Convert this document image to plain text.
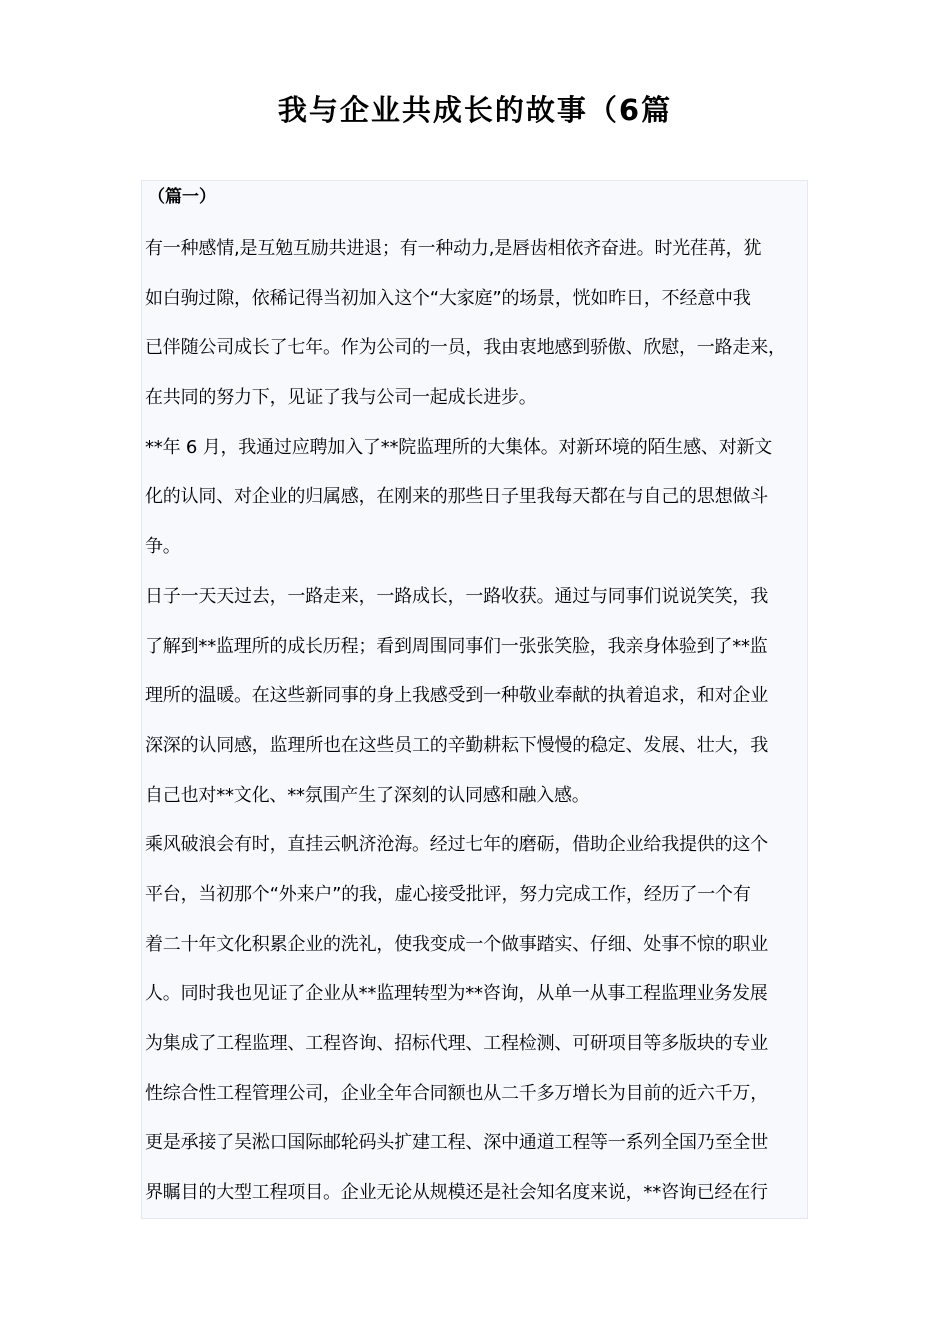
我与企业共成长的故事（6篇
（篇一）
有一种感情,是互勉互励共进退；有一种动力,是唇齿相依齐奋进。时光荏苒，犹
如白驹过隙，依稀记得当初加入这个“大家庭”的场景，恍如昨日，不经意中我
已伴随公司成长了七年。作为公司的一员，我由衷地感到骄傲、欣慰，一路走来，
在共同的努力下，见证了我与公司一起成长进步。
**年 6 月，我通过应聘加入了**院监理所的大集体。对新环境的陌生感、对新文
化的认同、对企业的归属感，在刚来的那些日子里我每天都在与自己的思想做斗
争。
日子一天天过去，一路走来，一路成长，一路收获。通过与同事们说说笑笑，我
了解到**监理所的成长历程；看到周围同事们一张张笑脸，我亲身体验到了**监
理所的温暖。在这些新同事的身上我感受到一种敬业奉献的执着追求，和对企业
深深的认同感，监理所也在这些员工的辛勤耕耘下慢慢的稳定、发展、壮大，我
自己也对**文化、**氛围产生了深刻的认同感和融入感。
乘风破浪会有时，直挂云帆济沧海。经过七年的磨砺，借助企业给我提供的这个
平台，当初那个“外来户”的我，虚心接受批评，努力完成工作，经历了一个有
着二十年文化积累企业的洗礼，使我变成一个做事踏实、仔细、处事不惊的职业
人。同时我也见证了企业从**监理转型为**咨询，从单一从事工程监理业务发展
为集成了工程监理、工程咨询、招标代理、工程检测、可研项目等多版块的专业
性综合性工程管理公司，企业全年合同额也从二千多万增长为目前的近六千万，
更是承接了吴淞口国际邮轮码头扩建工程、深中通道工程等一系列全国乃至全世
界瞩目的大型工程项目。企业无论从规模还是社会知名度来说，**咨询已经在行
